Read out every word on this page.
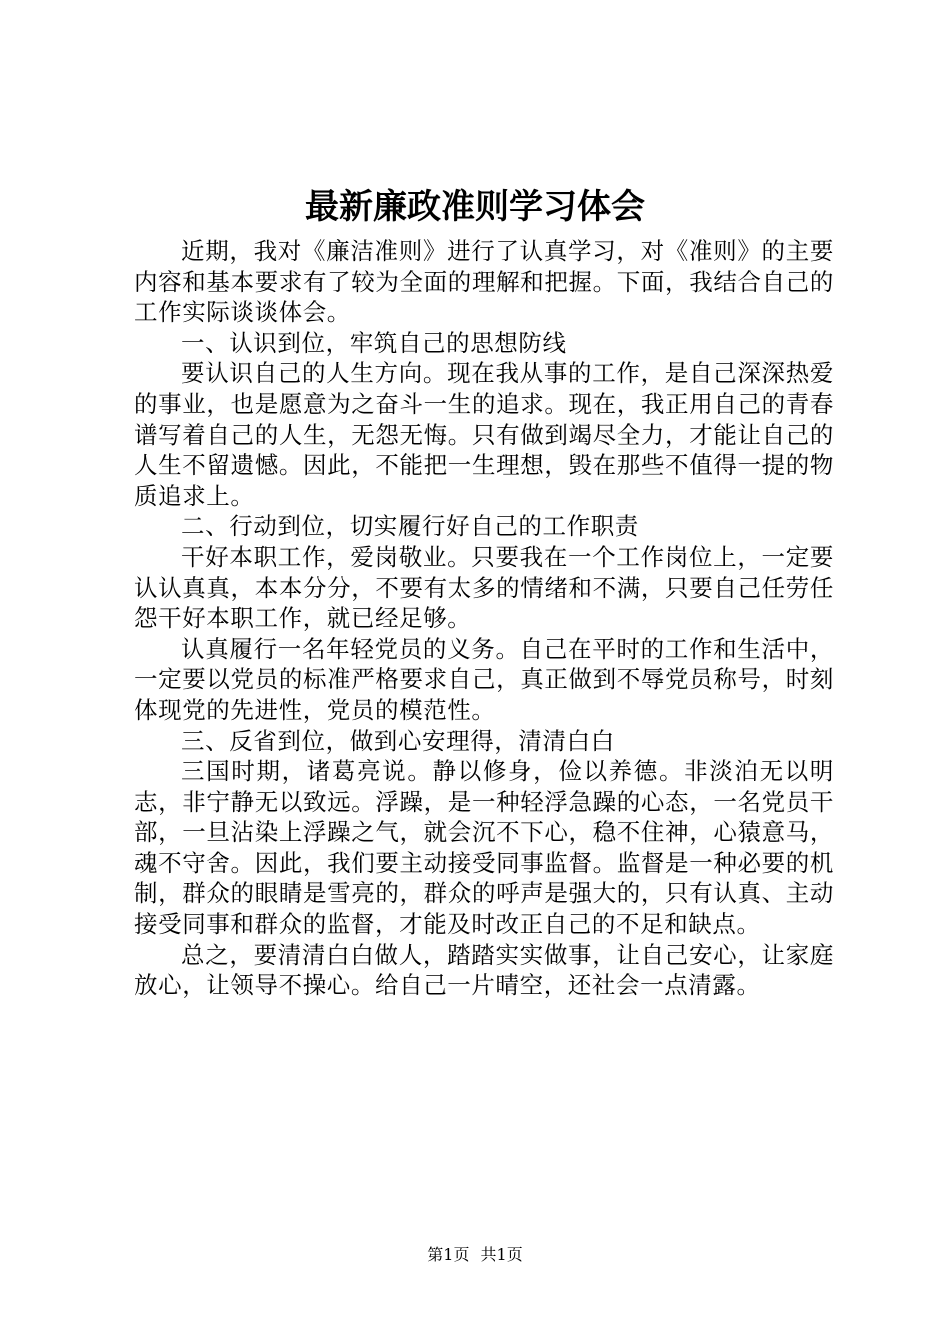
最新廉政准则学习体会

近期，我对《廉洁准则》进行了认真学习，对《准则》的主要内容和基本要求有了较为全面的理解和把握。下面，我结合自己的工作实际谈谈体会。

一、认识到位，牢筑自己的思想防线

要认识自己的人生方向。现在我从事的工作，是自己深深热爱的事业，也是愿意为之奋斗一生的追求。现在，我正用自己的青春谱写着自己的人生，无怨无悔。只有做到竭尽全力，才能让自己的人生不留遗憾。因此，不能把一生理想，毁在那些不值得一提的物质追求上。

二、行动到位，切实履行好自己的工作职责

干好本职工作，爱岗敬业。只要我在一个工作岗位上，一定要认认真真，本本分分，不要有太多的情绪和不满，只要自己任劳任怨干好本职工作，就已经足够。

认真履行一名年轻党员的义务。自己在平时的工作和生活中，一定要以党员的标准严格要求自己，真正做到不辱党员称号，时刻体现党的先进性，党员的模范性。

三、反省到位，做到心安理得，清清白白

三国时期，诸葛亮说。静以修身，俭以养德。非淡泊无以明志，非宁静无以致远。浮躁，是一种轻浮急躁的心态，一名党员干部，一旦沾染上浮躁之气，就会沉不下心，稳不住神，心猿意马，魂不守舍。因此，我们要主动接受同事监督。监督是一种必要的机制，群众的眼睛是雪亮的，群众的呼声是强大的，只有认真、主动接受同事和群众的监督，才能及时改正自己的不足和缺点。

总之，要清清白白做人，踏踏实实做事，让自己安心，让家庭放心，让领导不操心。给自己一片晴空，还社会一点清露。

第1页 共1页
